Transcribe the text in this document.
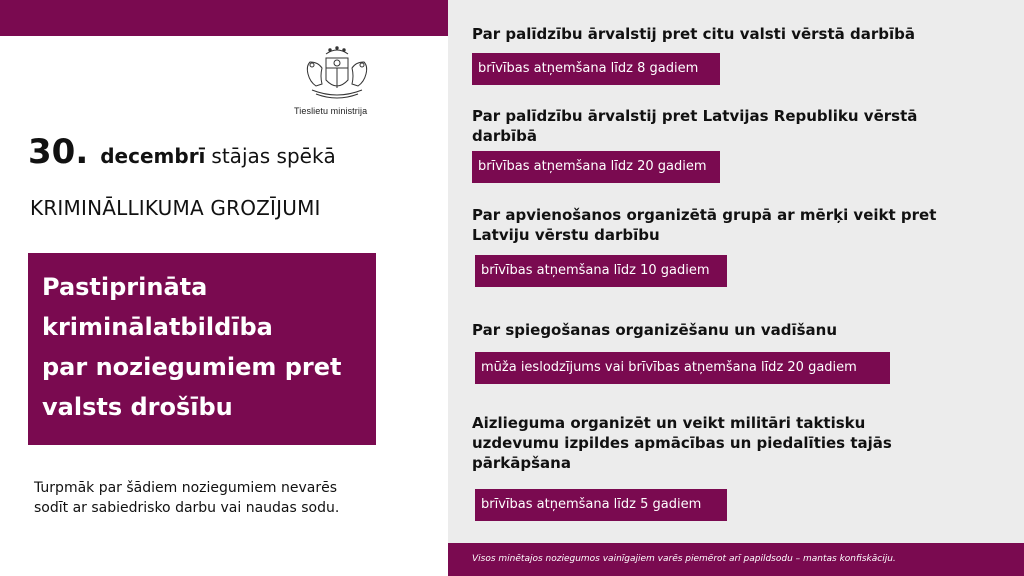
Tieslietu ministrija
30. decembrī stājas spēkā
KRIMINĀLLIKUMA GROZĪJUMI
Pastiprināta
kriminālatbildība
par noziegumiem pret
valsts drošību
Turpmāk par šādiem noziegumiem nevarēs
sodīt ar sabiedrisko darbu vai naudas sodu.
Par palīdzību ārvalstij pret citu valsti vērstā darbībā
brīvības atņemšana līdz 8 gadiem
Par palīdzību ārvalstij pret Latvijas Republiku vērstā
darbībā
brīvības atņemšana līdz 20 gadiem
Par apvienošanos organizētā grupā ar mērķi veikt pret
Latviju vērstu darbību
brīvības atņemšana līdz 10 gadiem
Par spiegošanas organizēšanu un vadīšanu
mūža ieslodzījums vai brīvības atņemšana līdz 20 gadiem
Aizlieguma organizēt un veikt militāri taktisku
uzdevumu izpildes apmācības un piedalīties tajās
pārkāpšana
brīvības atņemšana līdz 5 gadiem
Visos minētajos noziegumos vainīgajiem varēs piemērot arī papildsodu – mantas konfiskāciju.
